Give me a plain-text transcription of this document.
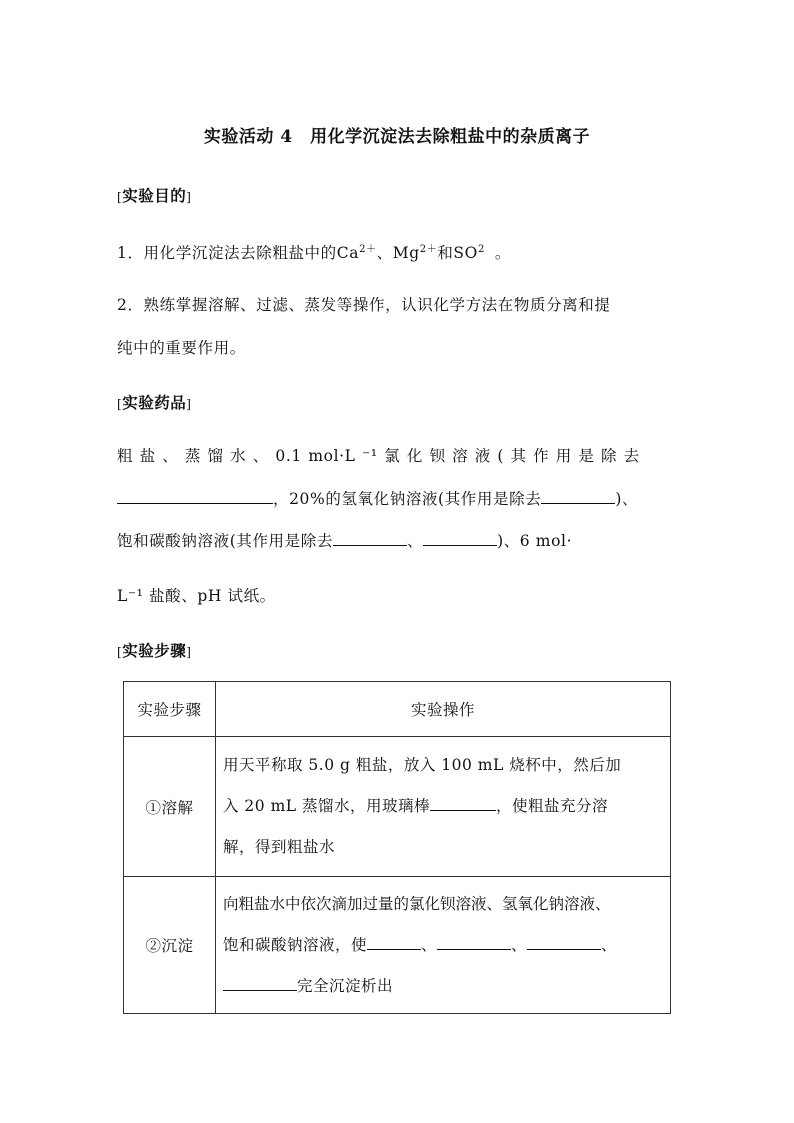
实验活动 4　用化学沉淀法去除粗盐中的杂质离子
[实验目的]
1．用化学沉淀法去除粗盐中的$Ca^{2+}$、$Mg^{2+}$和$SO^2$ 。
2．熟练掌握溶解、过滤、蒸发等操作，认识化学方法在物质分离和提
纯中的重要作用。
[实验药品]
粗 盐 、 蒸 馏 水 、 0.1 mol·L ⁻¹ 氯 化 钡 溶 液 ( 其 作 用 是 除 去
，20%的氢氧化钠溶液(其作用是除去	)、
饱和碳酸钠溶液(其作用是除去	、	)、6 mol·
L⁻¹ 盐酸、pH 试纸。
[实验步骤]
实验步骤	实验操作
①溶解	用天平称取 5.0 g 粗盐，放入 100 mL 烧杯中，然后加
入 20 mL 蒸馏水，用玻璃棒 ，使粗盐充分溶
解，得到粗盐水

②沉淀	向粗盐水中依次滴加过量的氯化钡溶液、氢氧化钠溶液、
饱和碳酸钠溶液，使 、 、 、
完全沉淀析出
